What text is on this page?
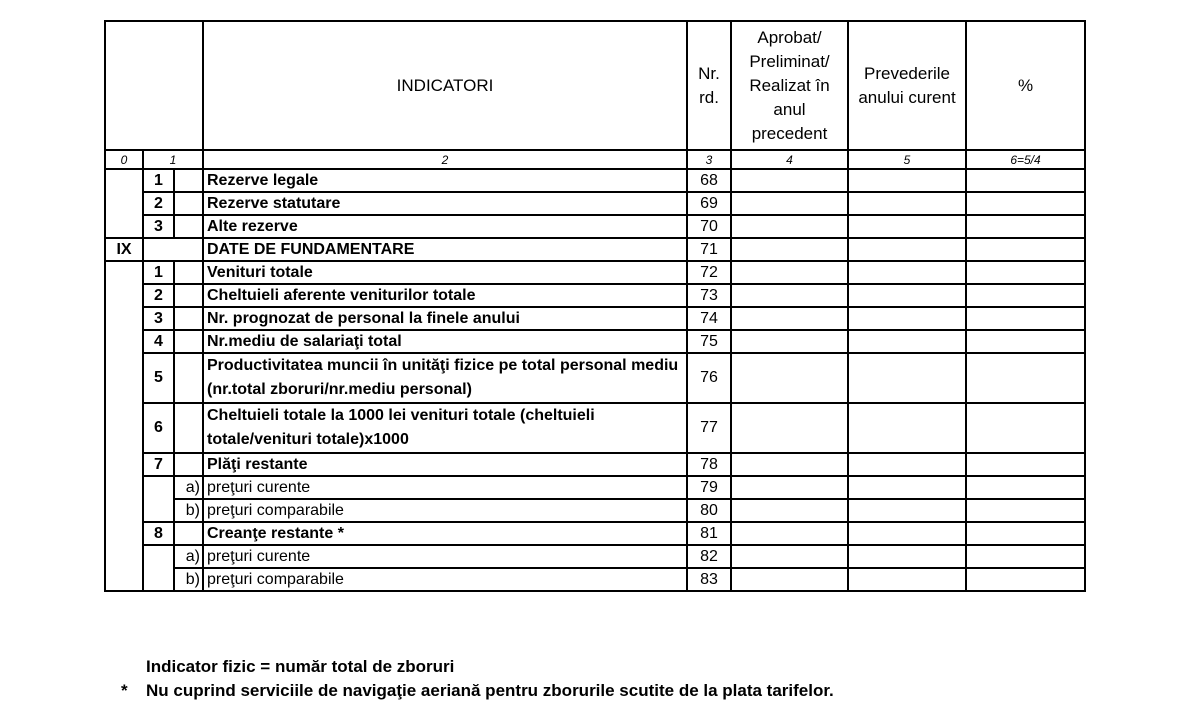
			INDICATORI	Nr. rd.	Aprobat/ Preliminat/ Realizat în anul precedent	Prevederile anului curent	%
0	1		2	3	4	5	6=5/4
	1		Rezerve legale	68			
	2		Rezerve statutare	69			
	3		Alte rezerve	70			
IX			DATE DE FUNDAMENTARE	71			
	1		Venituri totale	72			
	2		Cheltuieli aferente veniturilor totale	73			
	3		Nr. prognozat de personal la finele anului	74			
	4		Nr.mediu de salariaţi total	75			
	5		Productivitatea muncii în unităţi fizice pe total personal mediu (nr.total zboruri/nr.mediu personal)	76			
	6		Cheltuieli totale la 1000 lei venituri totale (cheltuieli totale/venituri totale)x1000	77			
	7		Plăţi restante	78			
		a)	preţuri curente	79			
		b)	preţuri comparabile	80			
	8		Creanţe restante *	81			
		a)	preţuri curente	82			
		b)	preţuri comparabile	83			
Indicator fizic = număr total de zboruri
* Nu cuprind serviciile de navigaţie aeriană pentru zborurile scutite de la plata tarifelor.
